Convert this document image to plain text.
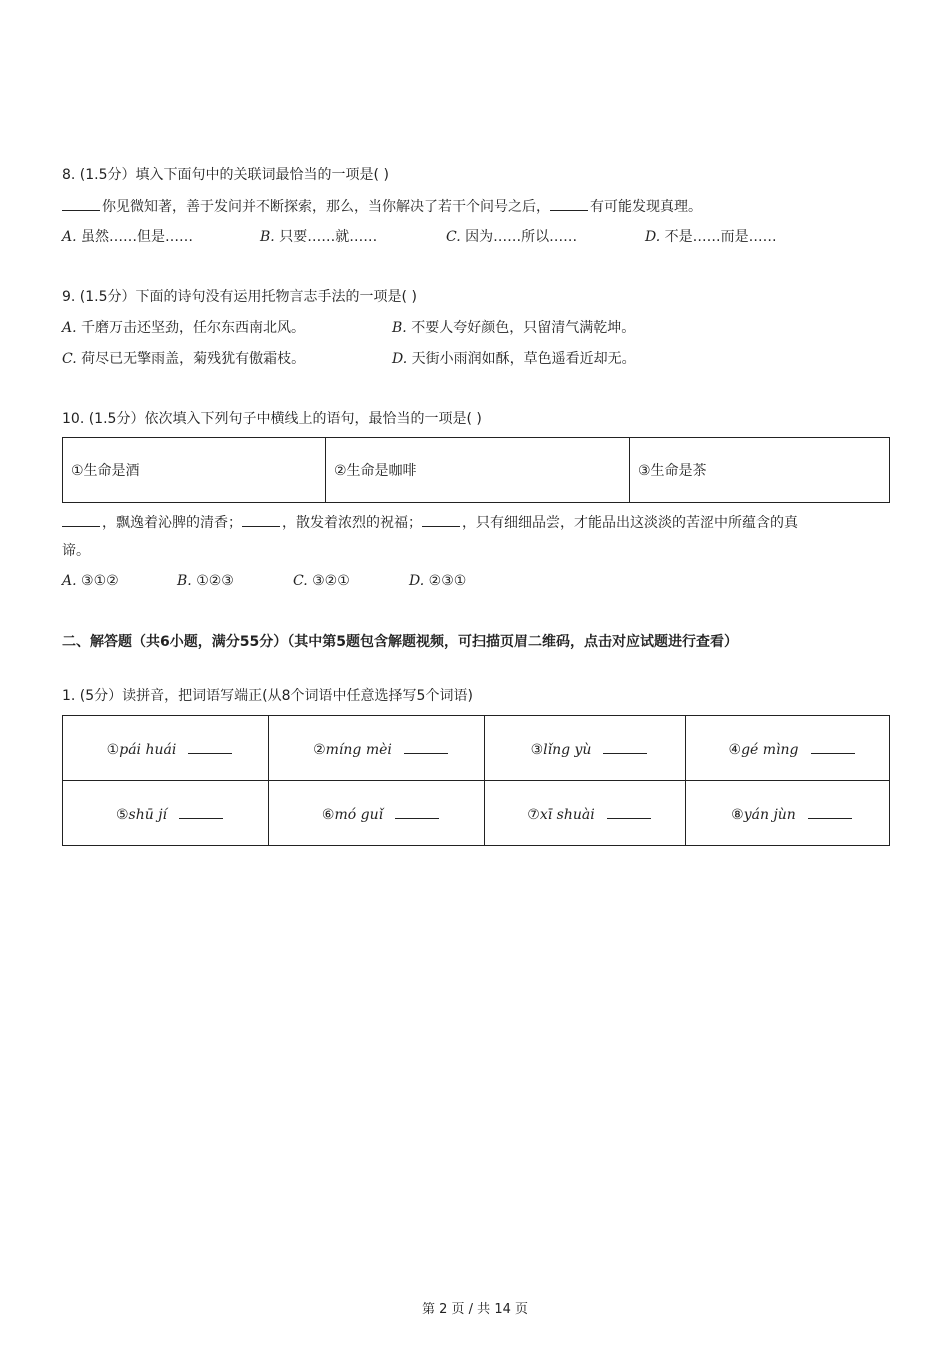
8. (1.5分）填入下面句中的关联词最恰当的一项是( )
你见微知著，善于发问并不断探索，那么，当你解决了若干个问号之后，	有可能发现真理。
A. 虽然……但是……	B. 只要……就……	C. 因为……所以……	D. 不是……而是……
9. (1.5分）下面的诗句没有运用托物言志手法的一项是( )
A. 千磨万击还坚劲，任尔东西南北风。	B. 不要人夸好颜色，只留清气满乾坤。
C. 荷尽已无擎雨盖，菊残犹有傲霜枝。	D. 天街小雨润如酥，草色遥看近却无。
10. (1.5分）依次填入下列句子中横线上的语句，最恰当的一项是( )
①生命是酒	②生命是咖啡	③生命是茶
，飘逸着沁脾的清香；	，散发着浓烈的祝福；	，只有细细品尝，才能品出这淡淡的苦涩中所蕴含的真
谛。
A. ③①②	B. ①②③	C. ③②①	D. ②③①
二、解答题（共6小题，满分55分）（其中第5题包含解题视频，可扫描页眉二维码，点击对应试题进行查看）
1. (5分）读拼音，把词语写端正(从8个词语中任意选择写5个词语)
①pái huái	②míng mèi	③lǐng yù	④gé mìng
⑤shū jí	⑥mó guǐ	⑦xī shuài	⑧yán jùn
第 2 页 / 共 14 页
